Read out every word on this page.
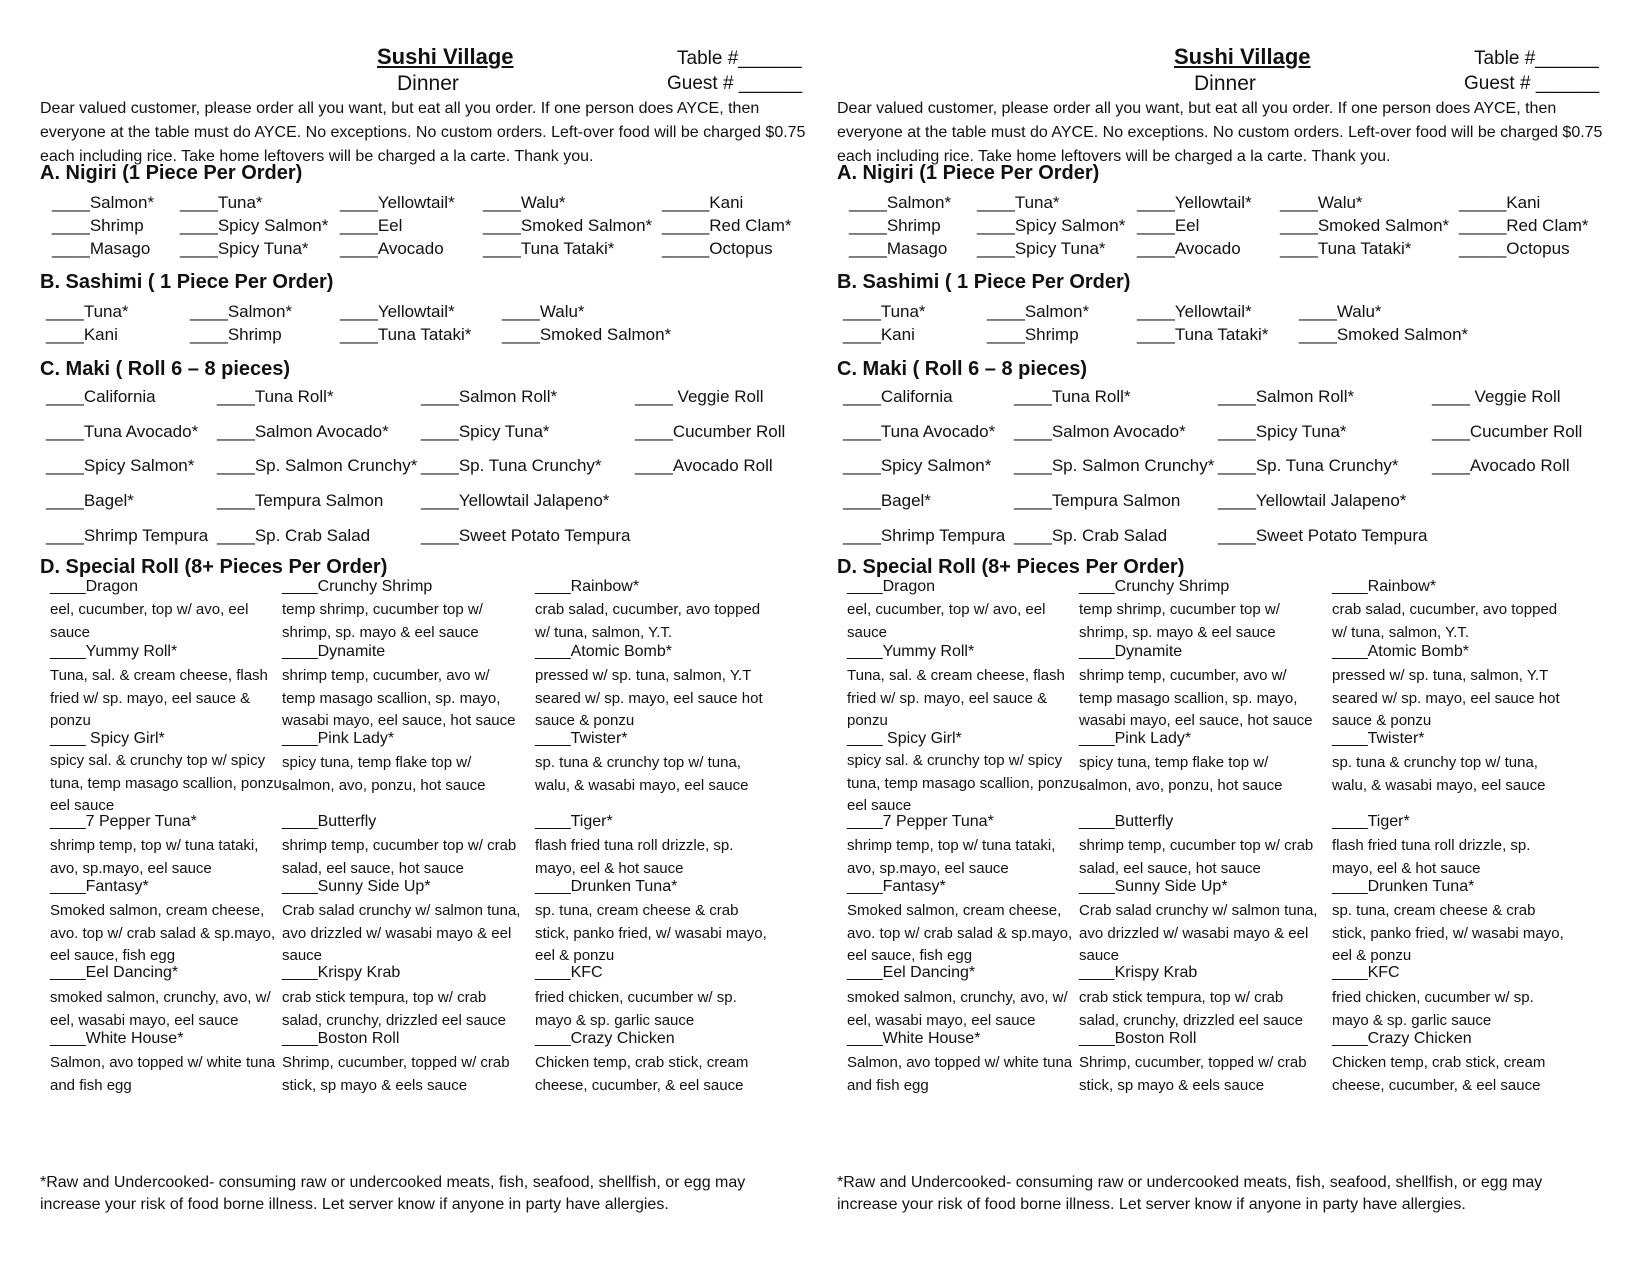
Sushi Village
Dinner
Table #______
Guest # ______
Dear valued customer, please order all you want, but eat all you order. If one person does AYCE, then everyone at the table must do AYCE. No exceptions. No custom orders. Left-over food will be charged $0.75 each including rice. Take home leftovers will be charged a la carte. Thank you.
A. Nigiri (1 Piece Per Order)
____Salmon*
____Shrimp
____Masago
____Tuna*
____Spicy Salmon*
____Spicy Tuna*
____Yellowtail*
____Eel
____Avocado
____Walu*
____Smoked Salmon*
____Tuna Tataki*
_____Kani
_____Red Clam*
_____Octopus
B. Sashimi ( 1 Piece Per Order)
____Tuna*
____Kani
____Salmon*
____Shrimp
____Yellowtail*
____Tuna Tataki*
____Walu*
____Smoked Salmon*
C. Maki ( Roll 6 – 8 pieces)
____California
____Tuna Avocado*
____Spicy Salmon*
____Bagel*
____Shrimp Tempura
____Tuna Roll*
____Salmon Avocado*
____Sp. Salmon Crunchy*
____Tempura Salmon
____Sp. Crab Salad
____Salmon Roll*
____Spicy Tuna*
____Sp. Tuna Crunchy*
____Yellowtail Jalapeno*
____Sweet Potato Tempura
____ Veggie Roll
____Cucumber Roll
____Avocado Roll
D. Special Roll (8+ Pieces Per Order)
____Dragon
eel, cucumber, top w/ avo, eel sauce
____Yummy Roll*
Tuna, sal. & cream cheese, flash fried w/ sp. mayo, eel sauce & ponzu
____ Spicy Girl*
spicy sal. & crunchy top w/ spicy tuna, temp masago scallion, ponzu, eel sauce
____7 Pepper Tuna*
shrimp temp, top w/ tuna tataki, avo, sp.mayo, eel sauce
____Fantasy*
Smoked salmon, cream cheese, avo. top w/ crab salad & sp.mayo, eel sauce, fish egg
____Eel Dancing*
smoked salmon, crunchy, avo, w/ eel, wasabi mayo, eel sauce
____White House*
Salmon, avo topped w/ white tuna and fish egg
____Crunchy Shrimp
temp shrimp, cucumber top w/ shrimp, sp. mayo & eel sauce
____Dynamite
shrimp temp, cucumber, avo w/ temp masago scallion, sp. mayo, wasabi mayo, eel sauce, hot sauce
____Pink Lady*
spicy tuna, temp flake top w/ salmon, avo, ponzu, hot sauce
____Butterfly
shrimp temp, cucumber top w/ crab salad, eel sauce, hot sauce
____Sunny Side Up*
Crab salad crunchy w/ salmon tuna, avo drizzled w/ wasabi mayo & eel sauce
____Krispy Krab
crab stick tempura, top w/ crab salad, crunchy, drizzled eel sauce
____Boston Roll
Shrimp, cucumber, topped w/ crab stick, sp mayo & eels sauce
____Rainbow*
crab salad, cucumber, avo topped w/ tuna, salmon, Y.T.
____Atomic Bomb*
pressed w/ sp. tuna, salmon, Y.T seared w/ sp. mayo, eel sauce hot sauce & ponzu
____Twister*
sp. tuna & crunchy top w/ tuna, walu, & wasabi mayo, eel sauce
____Tiger*
flash fried tuna roll drizzle, sp. mayo, eel & hot sauce
____Drunken Tuna*
sp. tuna, cream cheese & crab stick, panko fried, w/ wasabi mayo, eel & ponzu
____KFC
fried chicken, cucumber w/ sp. mayo & sp. garlic sauce
____Crazy Chicken
Chicken temp, crab stick, cream cheese, cucumber, & eel sauce
*Raw and Undercooked- consuming raw or undercooked meats, fish, seafood, shellfish, or egg may increase your risk of food borne illness. Let server know if anyone in party have allergies.
Sushi Village
Dinner
Table #______
Guest # ______
Dear valued customer, please order all you want, but eat all you order. If one person does AYCE, then everyone at the table must do AYCE. No exceptions. No custom orders. Left-over food will be charged $0.75 each including rice. Take home leftovers will be charged a la carte. Thank you.
A. Nigiri (1 Piece Per Order)
____Salmon*
____Shrimp
____Masago
____Tuna*
____Spicy Salmon*
____Spicy Tuna*
____Yellowtail*
____Eel
____Avocado
____Walu*
____Smoked Salmon*
____Tuna Tataki*
_____Kani
_____Red Clam*
_____Octopus
B. Sashimi ( 1 Piece Per Order)
____Tuna*
____Kani
____Salmon*
____Shrimp
____Yellowtail*
____Tuna Tataki*
____Walu*
____Smoked Salmon*
C. Maki ( Roll 6 – 8 pieces)
____California
____Tuna Avocado*
____Spicy Salmon*
____Bagel*
____Shrimp Tempura
____Tuna Roll*
____Salmon Avocado*
____Sp. Salmon Crunchy*
____Tempura Salmon
____Sp. Crab Salad
____Salmon Roll*
____Spicy Tuna*
____Sp. Tuna Crunchy*
____Yellowtail Jalapeno*
____Sweet Potato Tempura
____ Veggie Roll
____Cucumber Roll
____Avocado Roll
D. Special Roll (8+ Pieces Per Order)
____Dragon
eel, cucumber, top w/ avo, eel sauce
____Yummy Roll*
Tuna, sal. & cream cheese, flash fried w/ sp. mayo, eel sauce & ponzu
____ Spicy Girl*
spicy sal. & crunchy top w/ spicy tuna, temp masago scallion, ponzu, eel sauce
____7 Pepper Tuna*
shrimp temp, top w/ tuna tataki, avo, sp.mayo, eel sauce
____Fantasy*
Smoked salmon, cream cheese, avo. top w/ crab salad & sp.mayo, eel sauce, fish egg
____Eel Dancing*
smoked salmon, crunchy, avo, w/ eel, wasabi mayo, eel sauce
____White House*
Salmon, avo topped w/ white tuna and fish egg
____Crunchy Shrimp
temp shrimp, cucumber top w/ shrimp, sp. mayo & eel sauce
____Dynamite
shrimp temp, cucumber, avo w/ temp masago scallion, sp. mayo, wasabi mayo, eel sauce, hot sauce
____Pink Lady*
spicy tuna, temp flake top w/ salmon, avo, ponzu, hot sauce
____Butterfly
shrimp temp, cucumber top w/ crab salad, eel sauce, hot sauce
____Sunny Side Up*
Crab salad crunchy w/ salmon tuna, avo drizzled w/ wasabi mayo & eel sauce
____Krispy Krab
crab stick tempura, top w/ crab salad, crunchy, drizzled eel sauce
____Boston Roll
Shrimp, cucumber, topped w/ crab stick, sp mayo & eels sauce
____Rainbow*
crab salad, cucumber, avo topped w/ tuna, salmon, Y.T.
____Atomic Bomb*
pressed w/ sp. tuna, salmon, Y.T seared w/ sp. mayo, eel sauce hot sauce & ponzu
____Twister*
sp. tuna & crunchy top w/ tuna, walu, & wasabi mayo, eel sauce
____Tiger*
flash fried tuna roll drizzle, sp. mayo, eel & hot sauce
____Drunken Tuna*
sp. tuna, cream cheese & crab stick, panko fried, w/ wasabi mayo, eel & ponzu
____KFC
fried chicken, cucumber w/ sp. mayo & sp. garlic sauce
____Crazy Chicken
Chicken temp, crab stick, cream cheese, cucumber, & eel sauce
*Raw and Undercooked- consuming raw or undercooked meats, fish, seafood, shellfish, or egg may increase your risk of food borne illness. Let server know if anyone in party have allergies.
